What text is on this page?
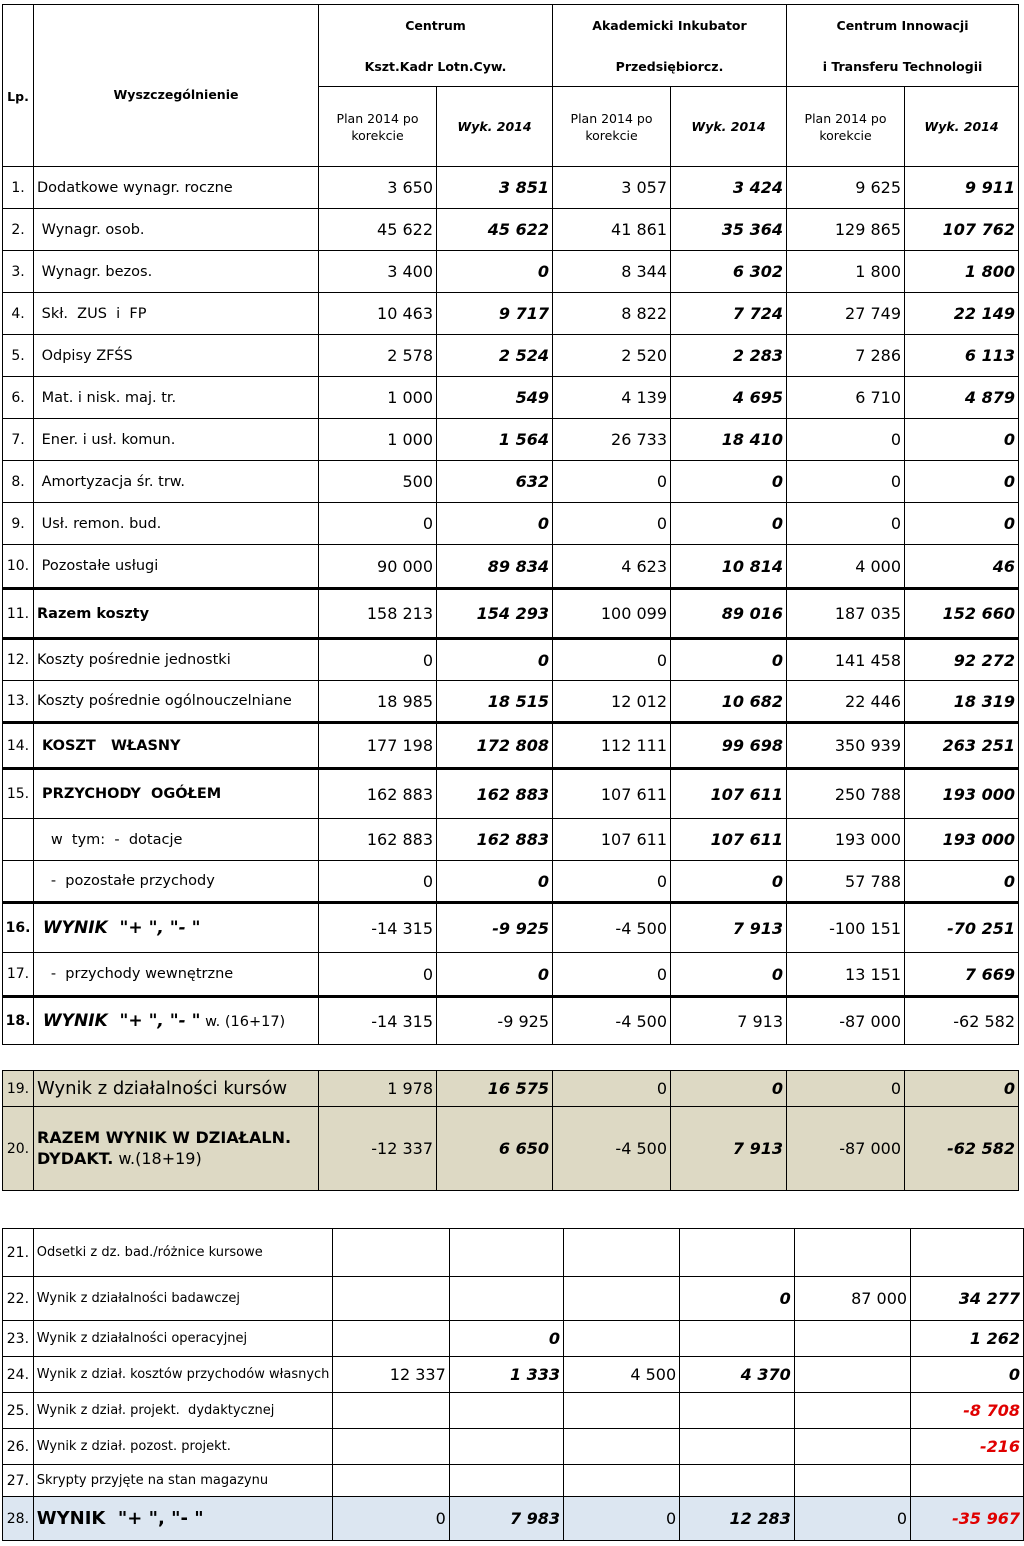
		Centrum		Akademicki Inkubator		Centrum Innowacji	
		Kszt.Kadr Lotn.Cyw.		Przedsiębiorcz.		i Transferu Technologii	
Lp.	Wyszczególnienie	Plan 2014 po korekcie	Wyk. 2014	Plan 2014 po korekcie	Wyk. 2014	Plan 2014 po korekcie	Wyk. 2014
1.	Dodatkowe wynagr. roczne	3 650	3 851	3 057	3 424	9 625	9 911
2.	Wynagr. osob.	45 622	45 622	41 861	35 364	129 865	107 762
3.	Wynagr. bezos.	3 400	0	8 344	6 302	1 800	1 800
4.	Skł.  ZUS  i  FP	10 463	9 717	8 822	7 724	27 749	22 149
5.	Odpisy ZFŚS	2 578	2 524	2 520	2 283	7 286	6 113
6.	Mat. i nisk. maj. tr.	1 000	549	4 139	4 695	6 710	4 879
7.	Ener. i usł. komun.	1 000	1 564	26 733	18 410	0	0
8.	Amortyzacja śr. trw.	500	632	0	0	0	0
9.	Usł. remon. bud.	0	0	0	0	0	0
10.	Pozostałe usługi	90 000	89 834	4 623	10 814	4 000	46
11.	Razem koszty	158 213	154 293	100 099	89 016	187 035	152 660
12.	Koszty pośrednie jednostki	0	0	0	0	141 458	92 272
13.	Koszty pośrednie ogólnouczelniane	18 985	18 515	12 012	10 682	22 446	18 319
14.	KOSZT   WŁASNY	177 198	172 808	112 111	99 698	350 939	263 251
15.	PRZYCHODY  OGÓŁEM	162 883	162 883	107 611	107 611	250 788	193 000
	w  tym:  -  dotacje	162 883	162 883	107 611	107 611	193 000	193 000
	-  pozostałe przychody	0	0	0	0	57 788	0
16.	WYNIK  "+ ", "- "	-14 315	-9 925	-4 500	7 913	-100 151	-70 251
17.	-  przychody wewnętrzne	0	0	0	0	13 151	7 669
18.	WYNIK  "+ ", "- " w. (16+17)	-14 315	-9 925	-4 500	7 913	-87 000	-62 582
19.	Wynik z działalności kursów	1 978	16 575	0	0	0	0
20.	RAZEM WYNIK W DZIAŁALN.
DYDAKT. w.(18+19)	-12 337	6 650	-4 500	7 913	-87 000	-62 582
21.	Odsetki z dz. bad./różnice kursowe						
22.	Wynik z działalności badawczej				0	87 000	34 277
23.	Wynik z działalności operacyjnej		0				1 262
24.	Wynik z dział. kosztów przychodów własnych	12 337	1 333	4 500	4 370		0
25.	Wynik z dział. projekt.  dydaktycznej						-8 708
26.	Wynik z dział. pozost. projekt.						-216
27.	Skrypty przyjęte na stan magazynu						
28.	WYNIK  "+ ", "- "	0	7 983	0	12 283	0	-35 967
